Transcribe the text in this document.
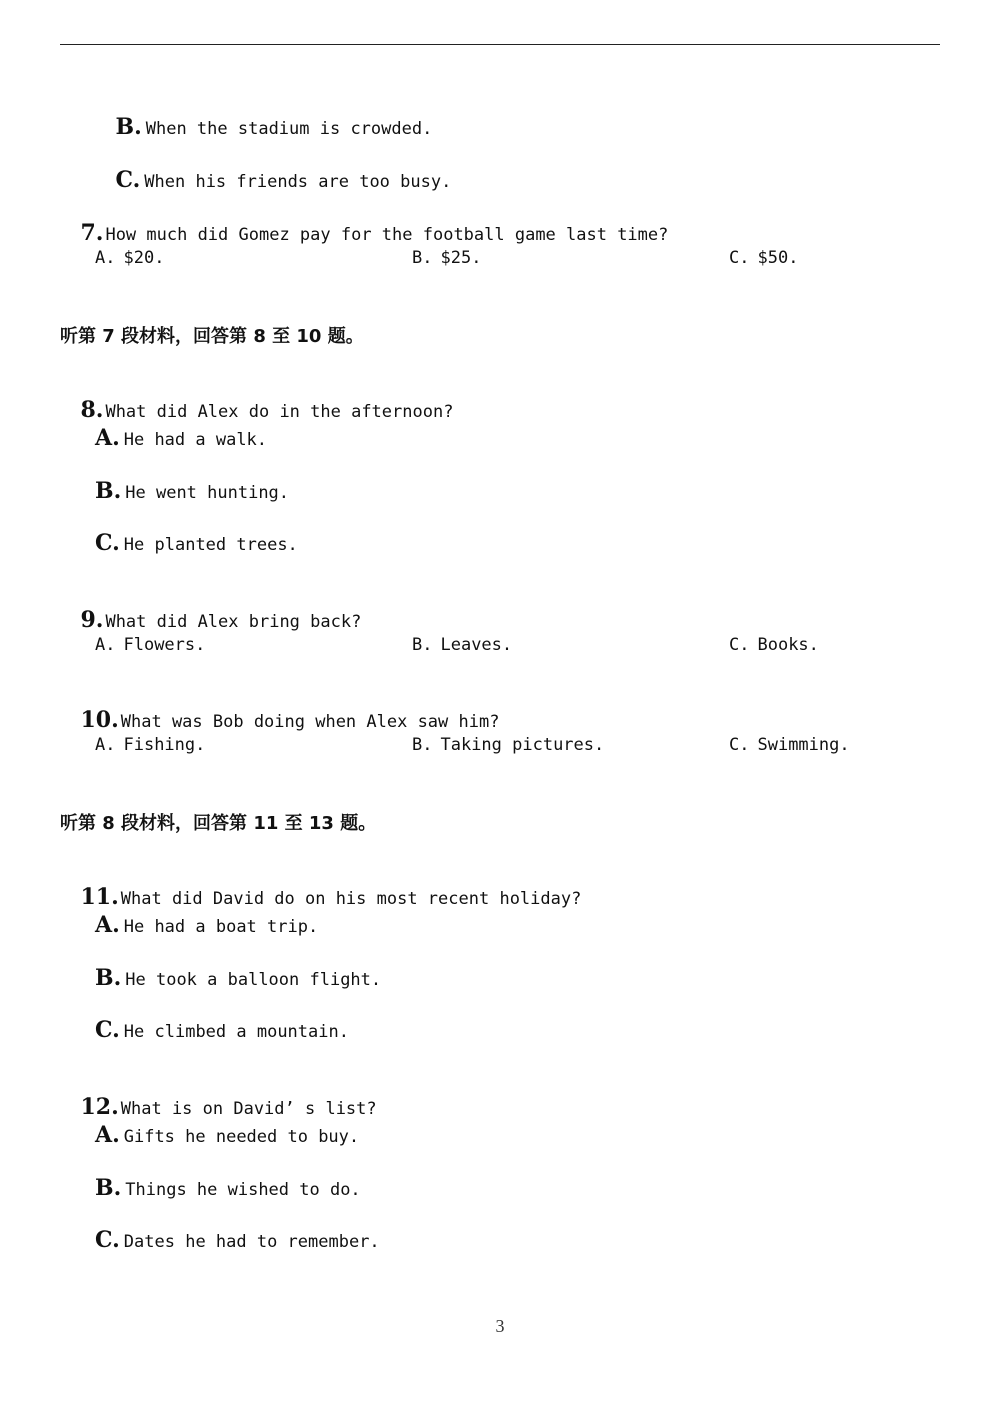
B. When the stadium is crowded.

C. When his friends are too busy.

7. How much did Gomez pay for the football game last time?

A. $20.	B. $25.	C. $50.
听第 7 段材料，回答第 8 至 10 题。

8. What did Alex do in the afternoon?

A. He had a walk.
B. He went hunting.
C. He planted trees.

9. What did Alex bring back?

A. Flowers.	B. Leaves.	C. Books.

10. What was Bob doing when Alex saw him?

A. Fishing.	B. Taking pictures.	C. Swimming.
听第 8 段材料，回答第 11 至 13 题。

11. What did David do on his most recent holiday?

A. He had a boat trip.
B. He took a balloon flight.
C. He climbed a mountain.

12. What is on David’ s list?

A. Gifts he needed to buy.
B. Things he wished to do.
C. Dates he had to remember.
3
